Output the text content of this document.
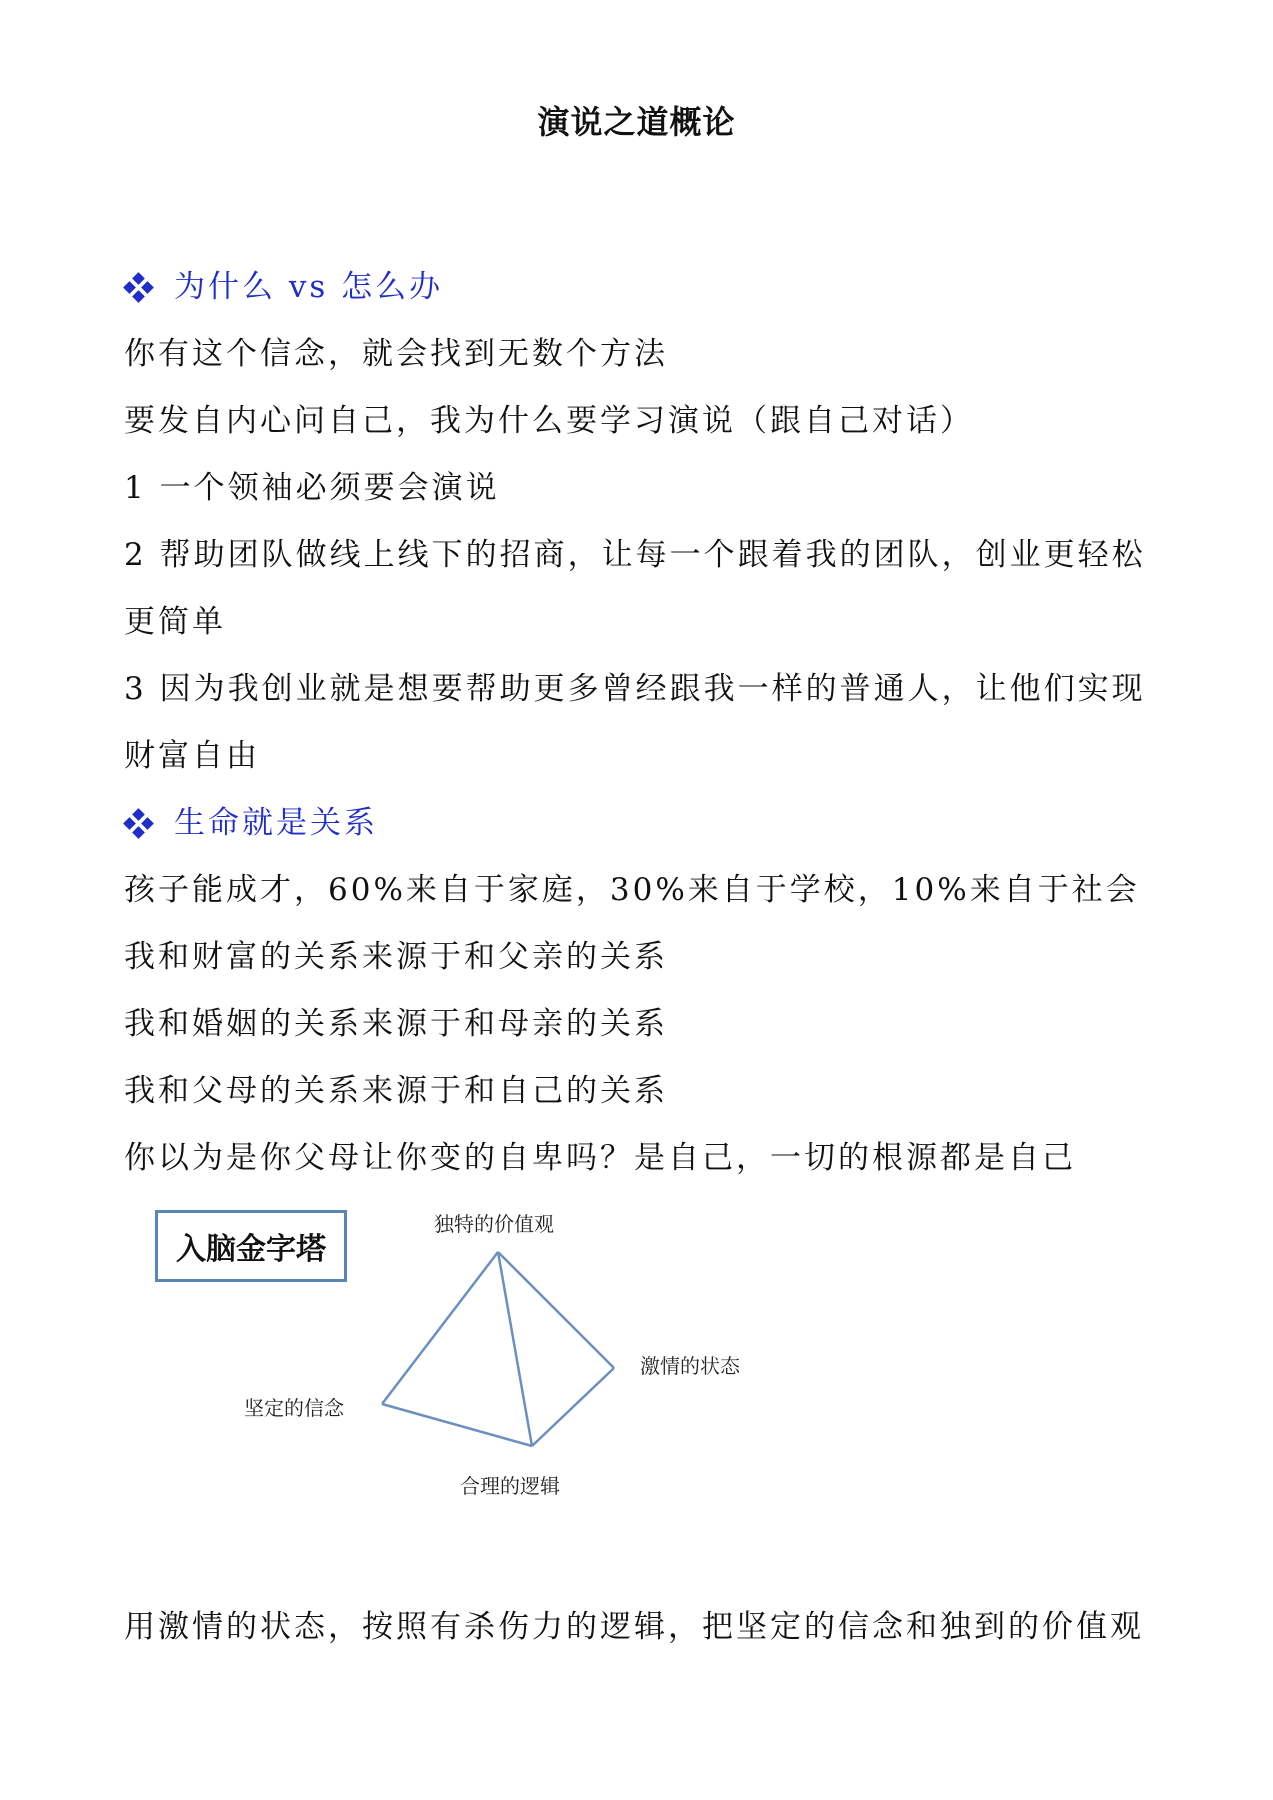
演说之道概论
为什么 vs 怎么办
你有这个信念，就会找到无数个方法
要发自内心问自己，我为什么要学习演说（跟自己对话）
1 一个领袖必须要会演说
2 帮助团队做线上线下的招商，让每一个跟着我的团队，创业更轻松更简单
3 因为我创业就是想要帮助更多曾经跟我一样的普通人，让他们实现财富自由
生命就是关系
孩子能成才，60%来自于家庭，30%来自于学校，10%来自于社会
我和财富的关系来源于和父亲的关系
我和婚姻的关系来源于和母亲的关系
我和父母的关系来源于和自己的关系
你以为是你父母让你变的自卑吗？是自己，一切的根源都是自己
入脑金字塔
独特的价值观
激情的状态
坚定的信念
合理的逻辑
用激情的状态，按照有杀伤力的逻辑，把坚定的信念和独到的价值观
